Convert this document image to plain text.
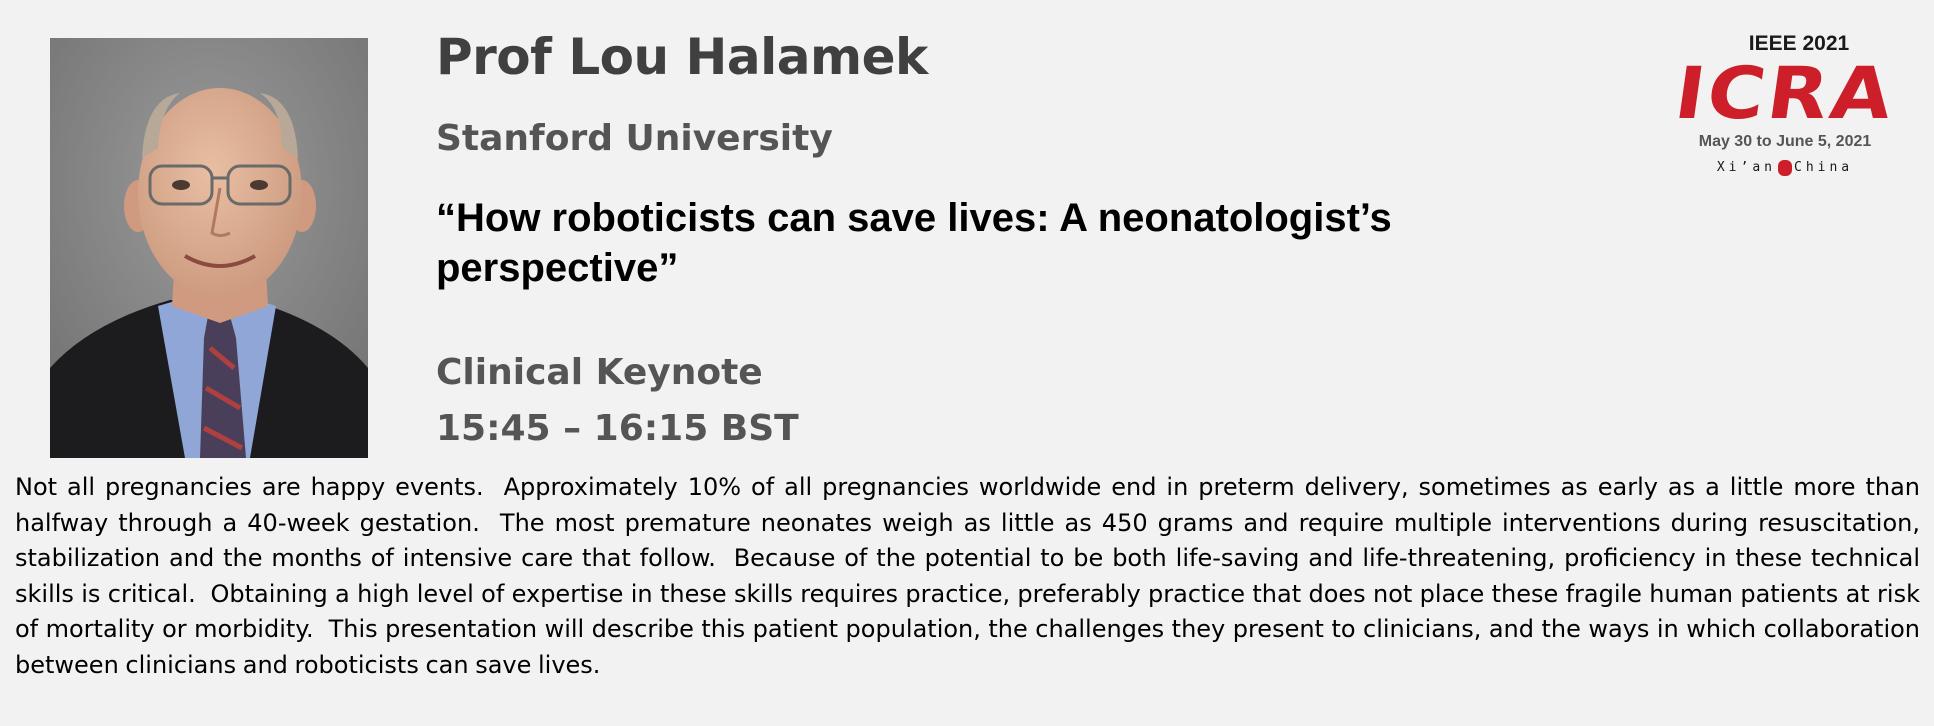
Prof Lou Halamek
Stanford University
“How roboticists can save lives: A neonatologist’s perspective”
Clinical Keynote
15:45 – 16:15 BST
IEEE 2021
ICRA
May 30 to June 5, 2021
Xi’an China
Not all pregnancies are happy events.  Approximately 10% of all pregnancies worldwide end in preterm delivery, sometimes as early as a little more than halfway through a 40-week gestation.  The most premature neonates weigh as little as 450 grams and require multiple interventions during resuscitation, stabilization and the months of intensive care that follow.  Because of the potential to be both life-saving and life-threatening, proficiency in these technical skills is critical.  Obtaining a high level of expertise in these skills requires practice, preferably practice that does not place these fragile human patients at risk of mortality or morbidity.  This presentation will describe this patient population, the challenges they present to clinicians, and the ways in which collaboration between clinicians and roboticists can save lives.
